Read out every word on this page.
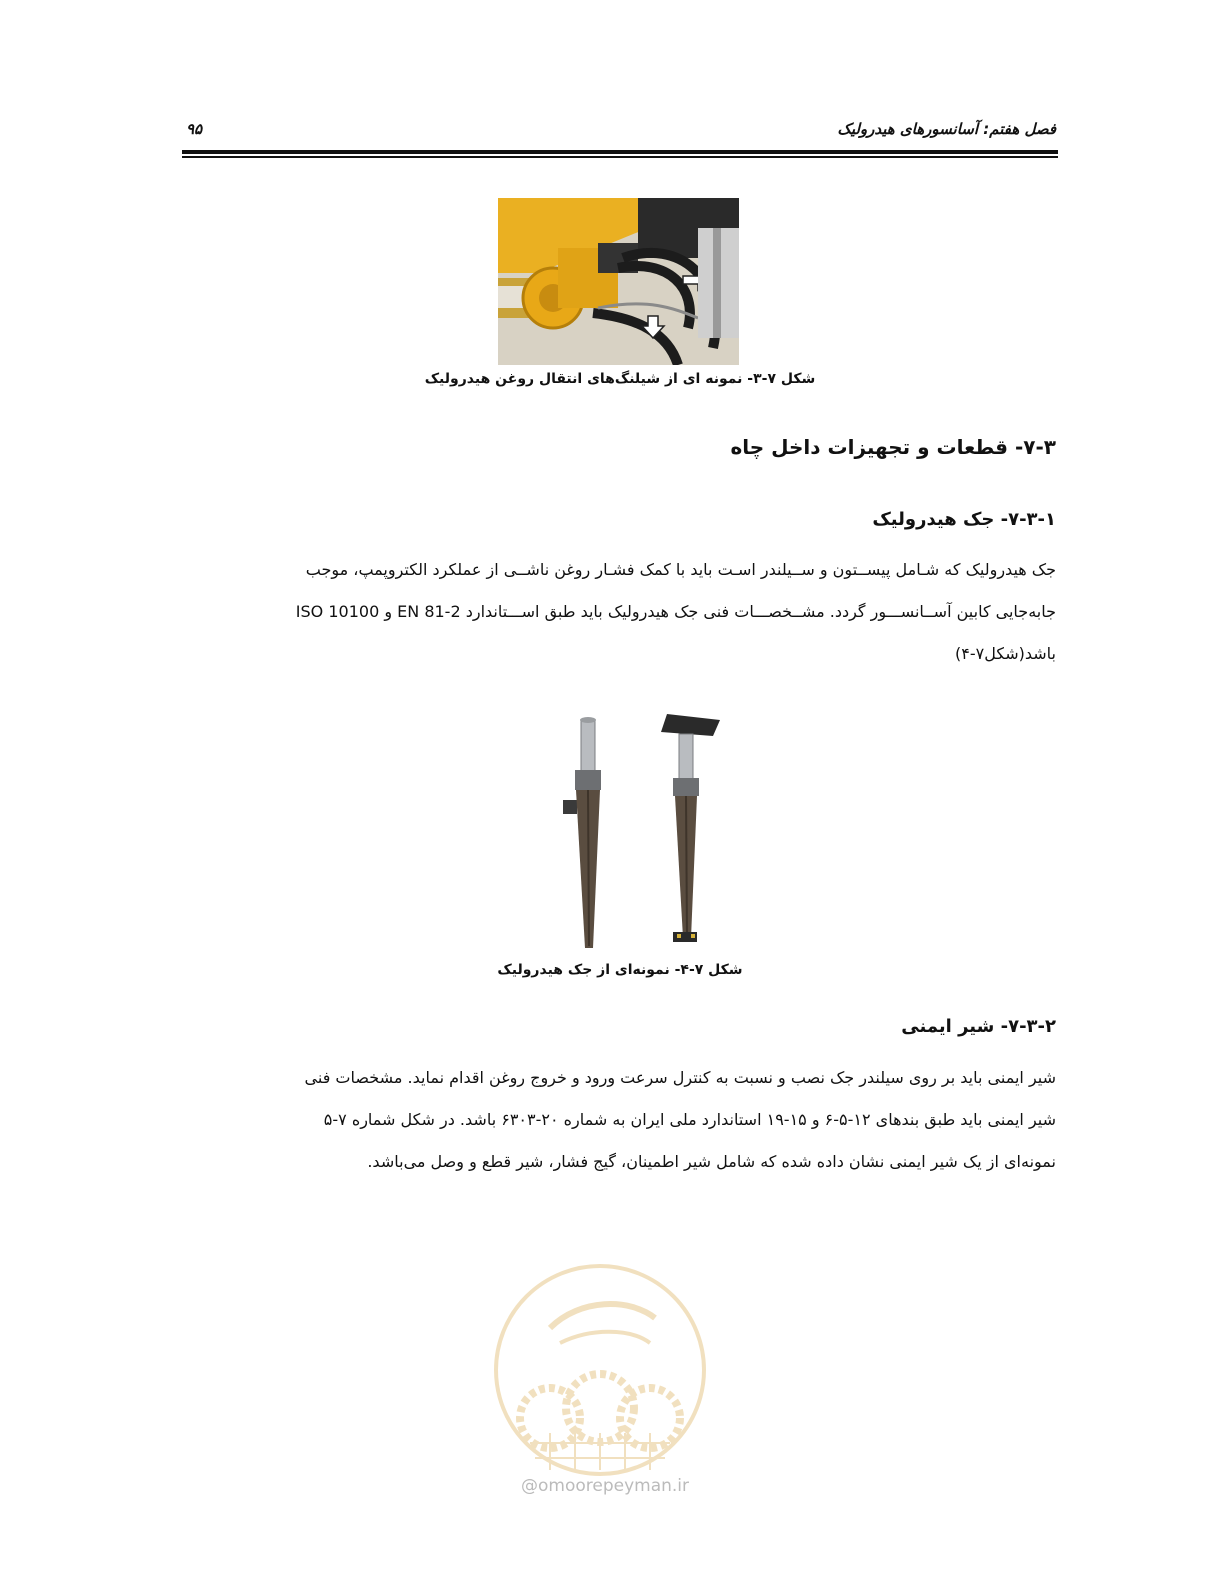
فصل هفتم: آسانسورهای هیدرولیک
۹۵
شکل ۷-۳- نمونه ای از شیلنگ‌های انتقال روغن هیدرولیک
۷-۳- قطعات و تجهیزات داخل چاه
۷-۳-۱- جک هیدرولیک
جک هیدرولیک که شـامل پیســتون و ســیلندر اسـت باید با کمک فشـار روغن ناشــی از عملکرد الکتروپمپ، موجب
جابه‌جایی کابین آســانســـور گردد. مشــخصـــات فنی جک هیدرولیک باید طبق اســـتاندارد EN 81-2 و ISO 10100
باشد(شکل۷-۴)
شکل ۷-۴- نمونه‌ای از جک هیدرولیک
۷-۳-۲- شیر ایمنی
شیر ایمنی باید بر روی سیلندر جک نصب و نسبت به کنترل سرعت ورود و خروج روغن اقدام نماید. مشخصات فنی
شیر ایمنی باید طبق بندهای ۱۲-۵-۶ و ۱۵-۱۹ استاندارد ملی ایران به شماره ۲۰-۶۳۰۳ باشد. در شکل شماره ۷-۵
نمونه‌ای از یک شیر ایمنی نشان داده شده که شامل شیر اطمینان، گیج فشار، شیر قطع و وصل می‌باشد.
@omoorepeyman.ir
